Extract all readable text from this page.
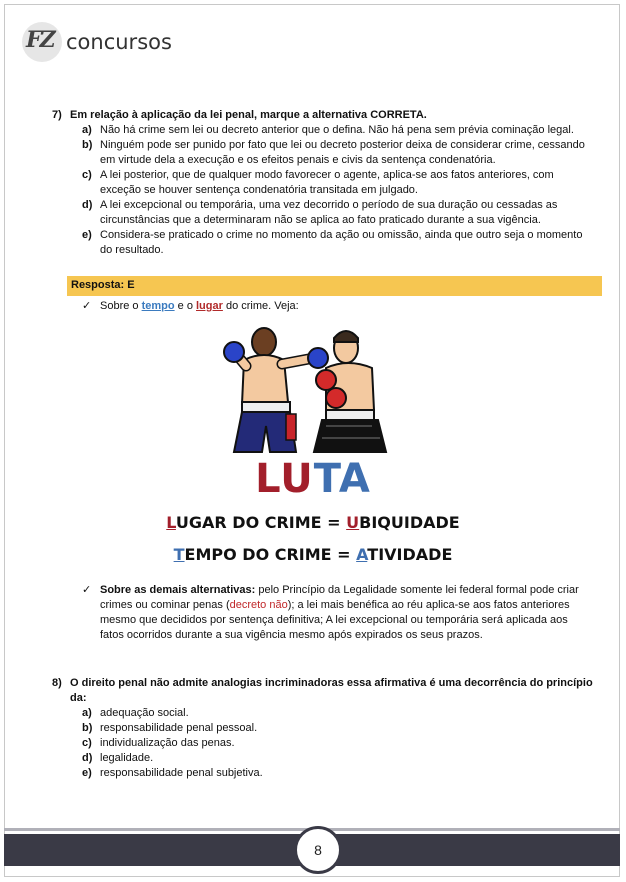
FZ concursos
7) Em relação à aplicação da lei penal, marque a alternativa CORRETA.
a) Não há crime sem lei ou decreto anterior que o defina. Não há pena sem prévia cominação legal.
b) Ninguém pode ser punido por fato que lei ou decreto posterior deixa de considerar crime, cessando em virtude dela a execução e os efeitos penais e civis da sentença condenatória.
c) A lei posterior, que de qualquer modo favorecer o agente, aplica-se aos fatos anteriores, com exceção se houver sentença condenatória transitada em julgado.
d) A lei excepcional ou temporária, uma vez decorrido o período de sua duração ou cessadas as circunstâncias que a determinaram não se aplica ao fato praticado durante a sua vigência.
e) Considera-se praticado o crime no momento da ação ou omissão, ainda que outro seja o momento do resultado.
Resposta: E
✓ Sobre o tempo e o lugar do crime. Veja:
LUTA
LUGAR DO CRIME = UBIQUIDADE
TEMPO DO CRIME = ATIVIDADE
✓ Sobre as demais alternativas: pelo Princípio da Legalidade somente lei federal formal pode criar crimes ou cominar penas (decreto não); a lei mais benéfica ao réu aplica-se aos fatos anteriores mesmo que decididos por sentença definitiva; A lei excepcional ou temporária será aplicada aos fatos ocorridos durante a sua vigência mesmo após expirados os seus prazos.
8) O direito penal não admite analogias incriminadoras essa afirmativa é uma decorrência do princípio da:
a) adequação social.
b) responsabilidade penal pessoal.
c) individualização das penas.
d) legalidade.
e) responsabilidade penal subjetiva.
8
